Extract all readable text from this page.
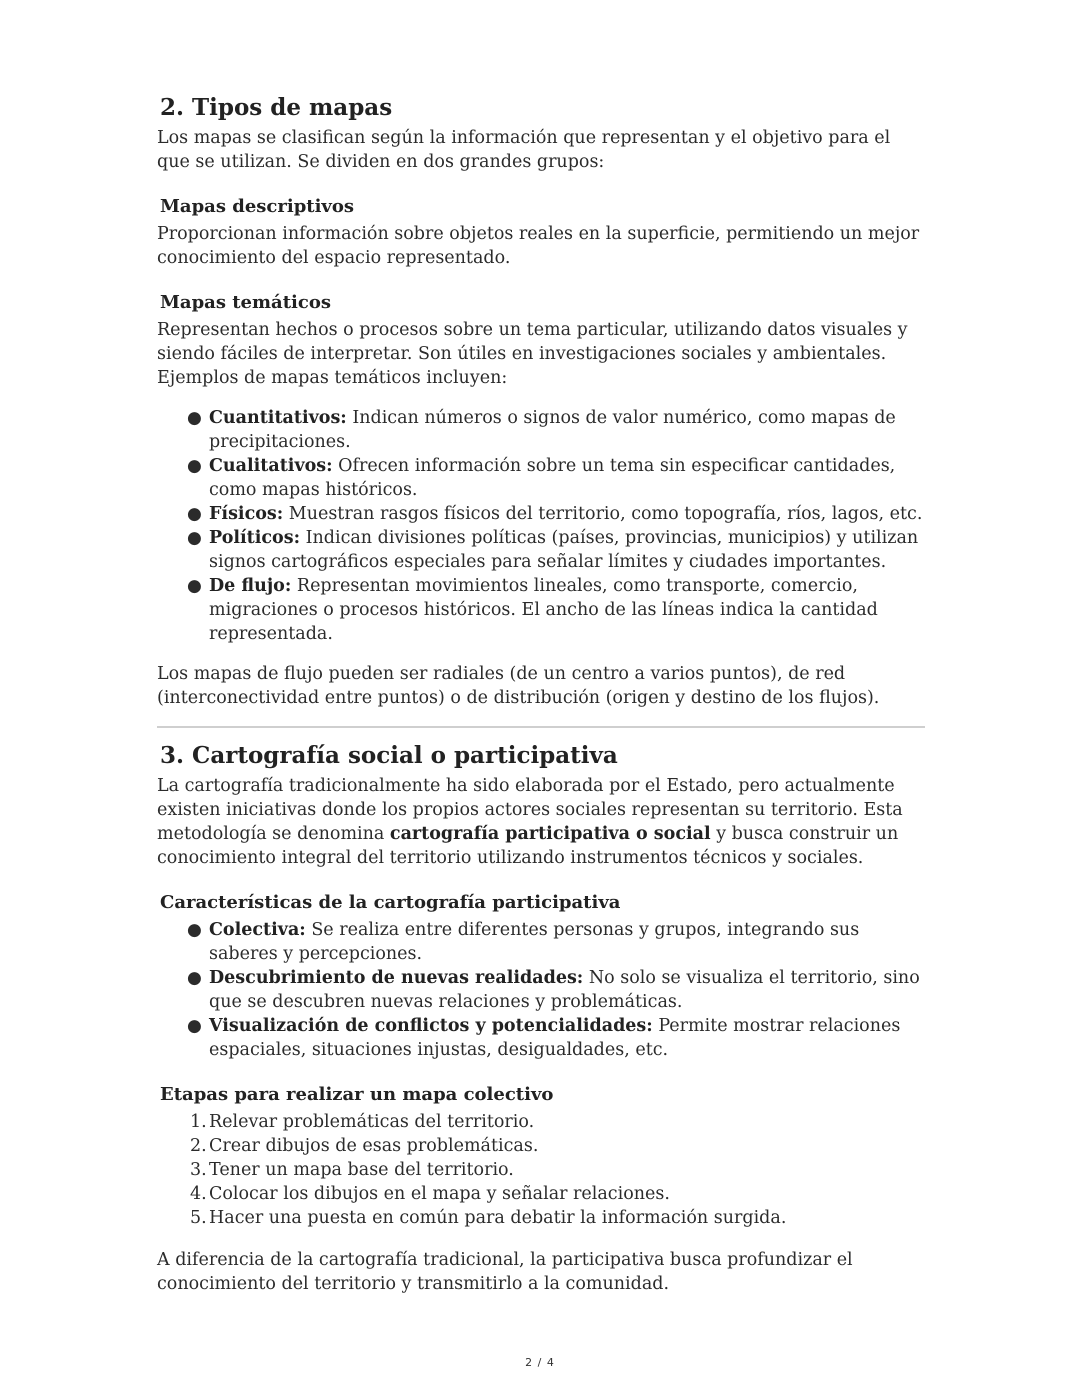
2. Tipos de mapas

Los mapas se clasifican según la información que representan y el objetivo para el que se utilizan. Se dividen en dos grandes grupos:

Mapas descriptivos

Proporcionan información sobre objetos reales en la superficie, permitiendo un mejor conocimiento del espacio representado.

Mapas temáticos

Representan hechos o procesos sobre un tema particular, utilizando datos visuales y siendo fáciles de interpretar. Son útiles en investigaciones sociales y ambientales. Ejemplos de mapas temáticos incluyen:

● Cuantitativos: Indican números o signos de valor numérico, como mapas de precipitaciones.
● Cualitativos: Ofrecen información sobre un tema sin especificar cantidades, como mapas históricos.
● Físicos: Muestran rasgos físicos del territorio, como topografía, ríos, lagos, etc.
● Políticos: Indican divisiones políticas (países, provincias, municipios) y utilizan signos cartográficos especiales para señalar límites y ciudades importantes.
● De flujo: Representan movimientos lineales, como transporte, comercio, migraciones o procesos históricos. El ancho de las líneas indica la cantidad representada.

Los mapas de flujo pueden ser radiales (de un centro a varios puntos), de red (interconectividad entre puntos) o de distribución (origen y destino de los flujos).

3. Cartografía social o participativa

La cartografía tradicionalmente ha sido elaborada por el Estado, pero actualmente existen iniciativas donde los propios actores sociales representan su territorio. Esta metodología se denomina cartografía participativa o social y busca construir un conocimiento integral del territorio utilizando instrumentos técnicos y sociales.

Características de la cartografía participativa
● Colectiva: Se realiza entre diferentes personas y grupos, integrando sus saberes y percepciones.
● Descubrimiento de nuevas realidades: No solo se visualiza el territorio, sino que se descubren nuevas relaciones y problemáticas.
● Visualización de conflictos y potencialidades: Permite mostrar relaciones espaciales, situaciones injustas, desigualdades, etc.
Etapas para realizar un mapa colectivo
1. Relevar problemáticas del territorio.
2. Crear dibujos de esas problemáticas.
3. Tener un mapa base del territorio.
4. Colocar los dibujos en el mapa y señalar relaciones.
5. Hacer una puesta en común para debatir la información surgida.

A diferencia de la cartografía tradicional, la participativa busca profundizar el conocimiento del territorio y transmitirlo a la comunidad.

2 / 4
